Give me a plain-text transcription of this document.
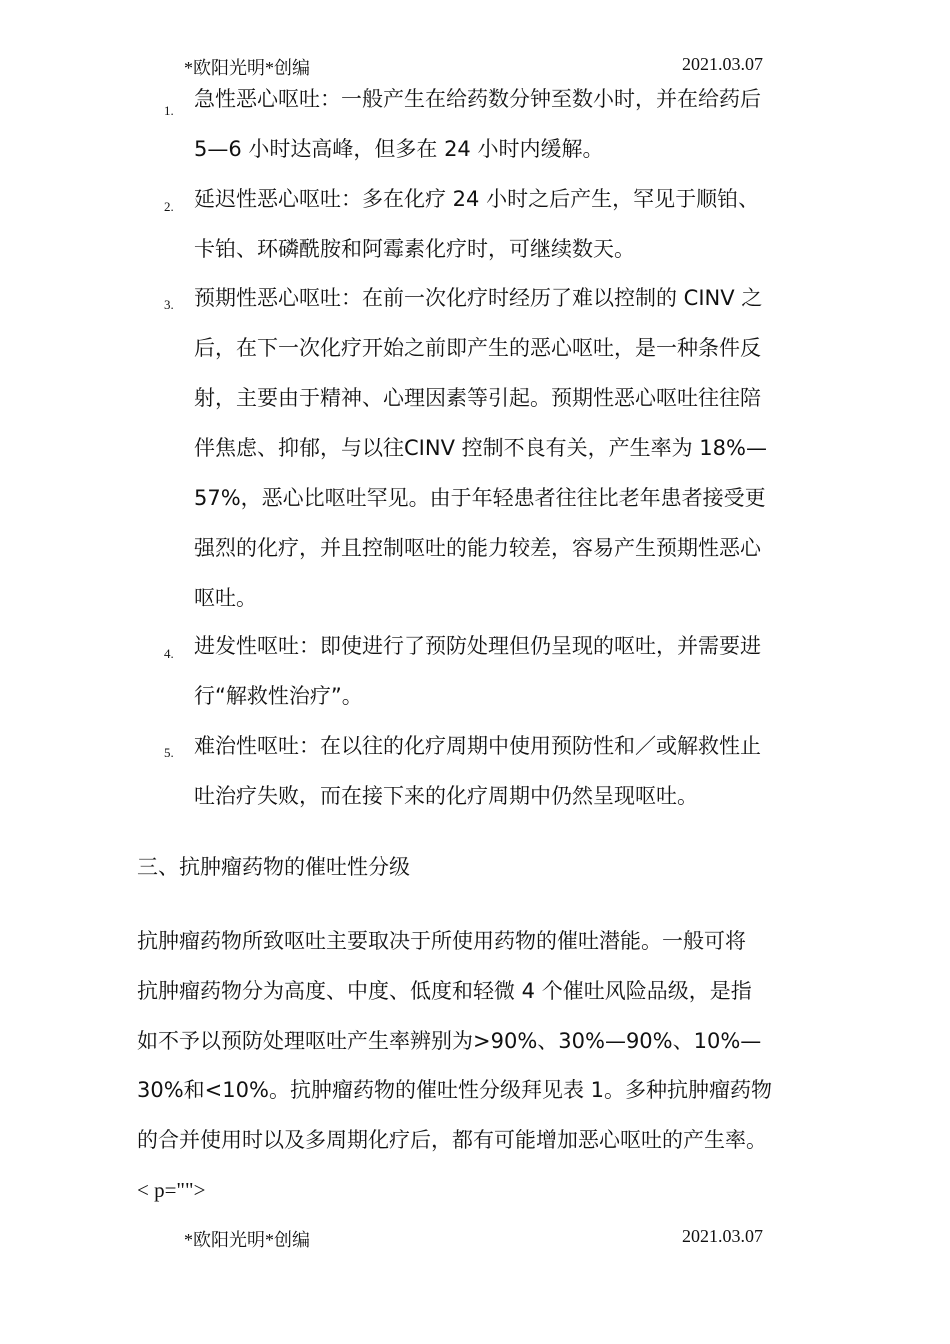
*欧阳光明*创编	2021.03.07
1. 急性恶心呕吐：一般产生在给药数分钟至数小时，并在给药后
5—6 小时达高峰，但多在 24 小时内缓解。
2. 延迟性恶心呕吐：多在化疗 24 小时之后产生，罕见于顺铂、
卡铂、环磷酰胺和阿霉素化疗时，可继续数天。
3. 预期性恶心呕吐：在前一次化疗时经历了难以控制的 CINV 之
后，在下一次化疗开始之前即产生的恶心呕吐，是一种条件反
射，主要由于精神、心理因素等引起。预期性恶心呕吐往往陪
伴焦虑、抑郁，与以往CINV 控制不良有关，产生率为 18%—
57%，恶心比呕吐罕见。由于年轻患者往往比老年患者接受更
强烈的化疗，并且控制呕吐的能力较差，容易产生预期性恶心
呕吐。
4. 进发性呕吐：即使进行了预防处理但仍呈现的呕吐，并需要进
行“解救性治疗”。
5. 难治性呕吐：在以往的化疗周期中使用预防性和／或解救性止
吐治疗失败，而在接下来的化疗周期中仍然呈现呕吐。
三、抗肿瘤药物的催吐性分级
抗肿瘤药物所致呕吐主要取决于所使用药物的催吐潜能。一般可将
抗肿瘤药物分为高度、中度、低度和轻微 4 个催吐风险品级，是指
如不予以预防处理呕吐产生率辨别为>90%、30%—90%、10%—
30%和<10%。抗肿瘤药物的催吐性分级拜见表 1。多种抗肿瘤药物
的合并使用时以及多周期化疗后，都有可能增加恶心呕吐的产生率。
< p="">
*欧阳光明*创编	2021.03.07
